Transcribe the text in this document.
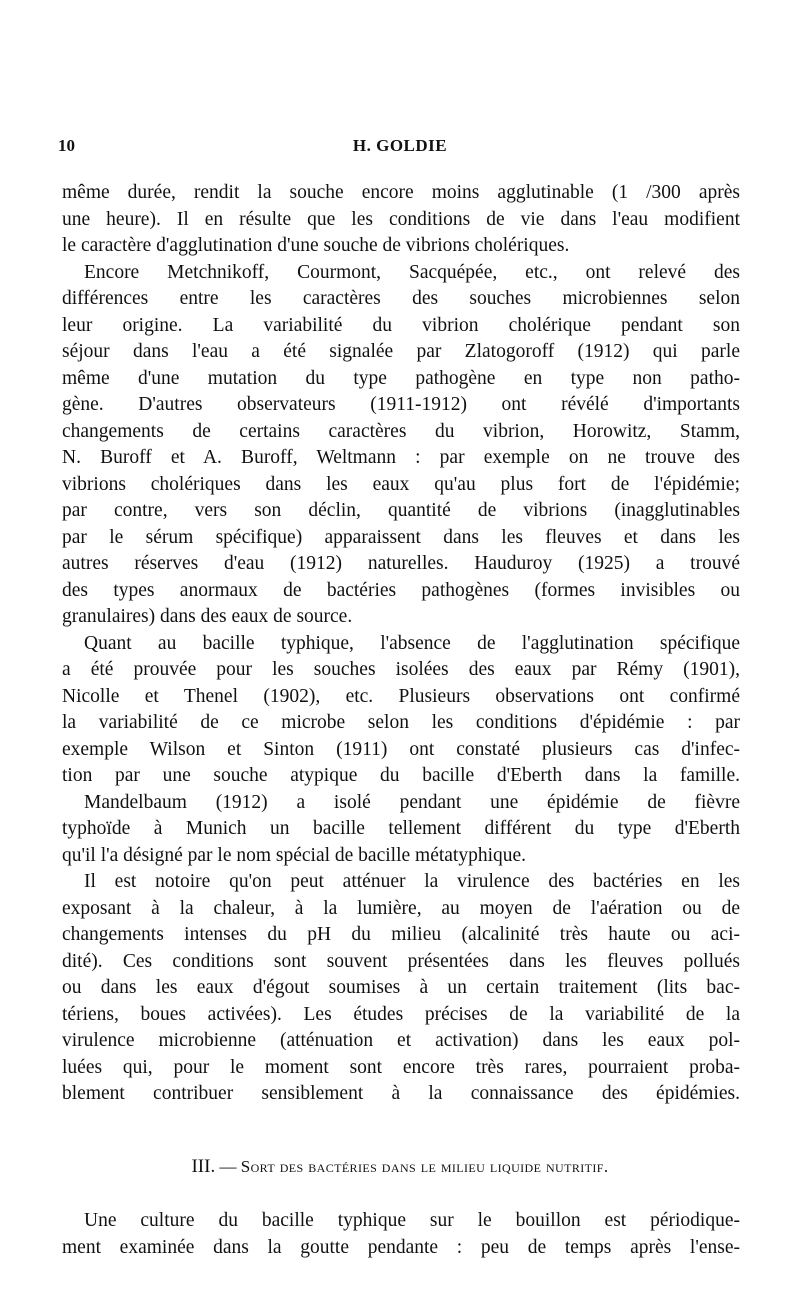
10	H. GOLDIE
même durée, rendit la souche encore moins agglutinable (1 /300 après
une heure). Il en résulte que les conditions de vie dans l'eau modifient
le caractère d'agglutination d'une souche de vibrions cholériques.
Encore Metchnikoff, Courmont, Sacquépée, etc., ont relevé des
différences entre les caractères des souches microbiennes selon
leur origine. La variabilité du vibrion cholérique pendant son
séjour dans l'eau a été signalée par Zlatogoroff (1912) qui parle
même d'une mutation du type pathogène en type non patho-
gène. D'autres observateurs (1911-1912) ont révélé d'importants
changements de certains caractères du vibrion, Horowitz, Stamm,
N. Buroff et A. Buroff, Weltmann : par exemple on ne trouve des
vibrions cholériques dans les eaux qu'au plus fort de l'épidémie;
par contre, vers son déclin, quantité de vibrions (inagglutinables
par le sérum spécifique) apparaissent dans les fleuves et dans les
autres réserves d'eau (1912) naturelles. Hauduroy (1925) a trouvé
des types anormaux de bactéries pathogènes (formes invisibles ou
granulaires) dans des eaux de source.
Quant au bacille typhique, l'absence de l'agglutination spécifique
a été prouvée pour les souches isolées des eaux par Rémy (1901),
Nicolle et Thenel (1902), etc. Plusieurs observations ont confirmé
la variabilité de ce microbe selon les conditions d'épidémie : par
exemple Wilson et Sinton (1911) ont constaté plusieurs cas d'infec-
tion par une souche atypique du bacille d'Eberth dans la famille.
Mandelbaum (1912) a isolé pendant une épidémie de fièvre
typhoïde à Munich un bacille tellement différent du type d'Eberth
qu'il l'a désigné par le nom spécial de bacille métatyphique.
Il est notoire qu'on peut atténuer la virulence des bactéries en les
exposant à la chaleur, à la lumière, au moyen de l'aération ou de
changements intenses du pH du milieu (alcalinité très haute ou aci-
dité). Ces conditions sont souvent présentées dans les fleuves pollués
ou dans les eaux d'égout soumises à un certain traitement (lits bac-
tériens, boues activées). Les études précises de la variabilité de la
virulence microbienne (atténuation et activation) dans les eaux pol-
luées qui, pour le moment sont encore très rares, pourraient proba-
blement contribuer sensiblement à la connaissance des épidémies.
III. — Sort des bactéries dans le milieu liquide nutritif.
Une culture du bacille typhique sur le bouillon est périodique-
ment examinée dans la goutte pendante : peu de temps après l'ense-
